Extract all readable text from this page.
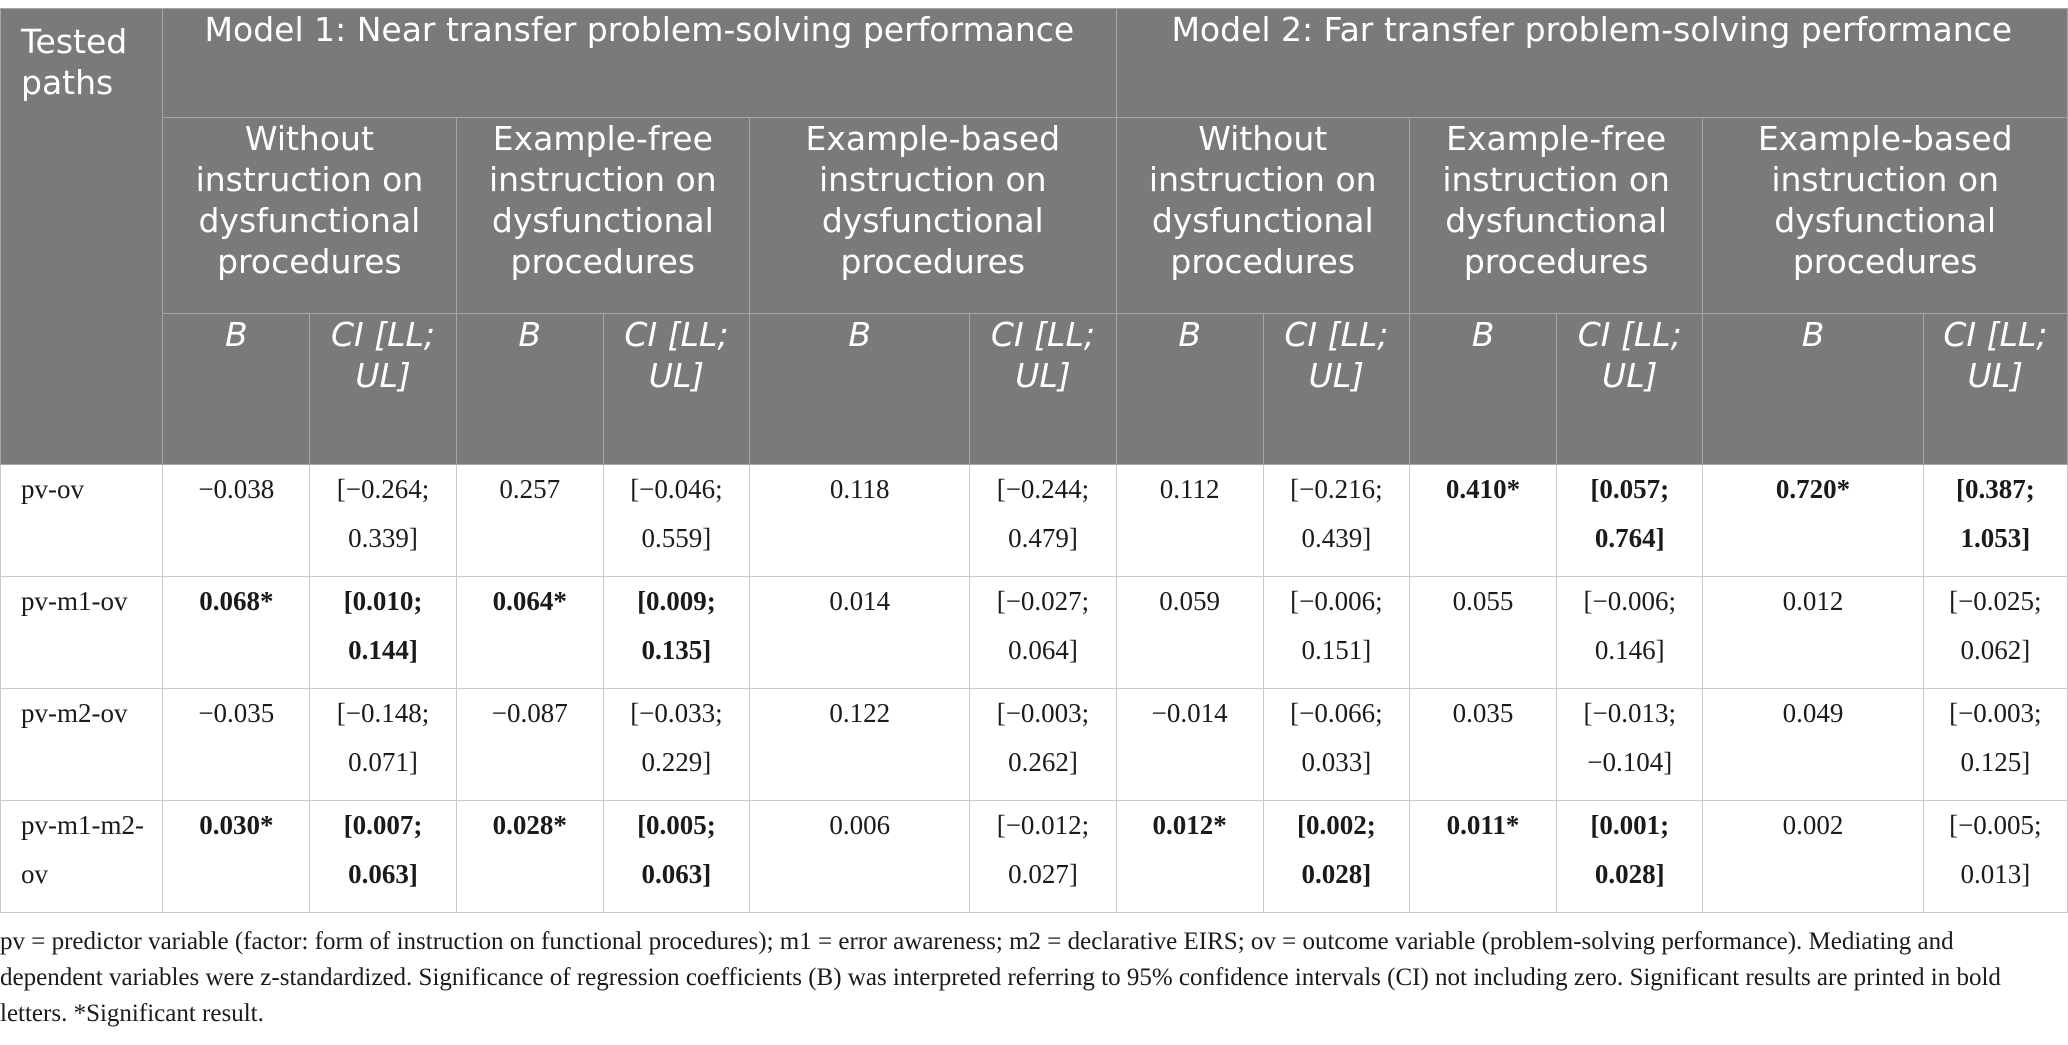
Tested paths	Model 1: Near transfer problem-solving performance						Model 2: Far transfer problem-solving performance					
	Without instruction on dysfunctional procedures		Example-free instruction on dysfunctional procedures		Example-based instruction on dysfunctional procedures		Without instruction on dysfunctional procedures		Example-free instruction on dysfunctional procedures		Example-based instruction on dysfunctional procedures	
	B	CI [LL; UL]	B	CI [LL; UL]	B	CI [LL; UL]	B	CI [LL; UL]	B	CI [LL; UL]	B	CI [LL; UL]
pv-ov	−0.038	[−0.264; 0.339]	0.257	[−0.046; 0.559]	0.118	[−0.244; 0.479]	0.112	[−0.216; 0.439]	0.410*	[0.057; 0.764]	0.720*	[0.387; 1.053]
pv-m1-ov	0.068*	[0.010; 0.144]	0.064*	[0.009; 0.135]	0.014	[−0.027; 0.064]	0.059	[−0.006; 0.151]	0.055	[−0.006; 0.146]	0.012	[−0.025; 0.062]
pv-m2-ov	−0.035	[−0.148; 0.071]	−0.087	[−0.033; 0.229]	0.122	[−0.003; 0.262]	−0.014	[−0.066; 0.033]	0.035	[−0.013; −0.104]	0.049	[−0.003; 0.125]
pv-m1-m2-ov	0.030*	[0.007; 0.063]	0.028*	[0.005; 0.063]	0.006	[−0.012; 0.027]	0.012*	[0.002; 0.028]	0.011*	[0.001; 0.028]	0.002	[−0.005; 0.013]

pv = predictor variable (factor: form of instruction on functional procedures); m1 = error awareness; m2 = declarative EIRS; ov = outcome variable (problem-solving performance). Mediating and dependent variables were z-standardized. Significance of regression coefficients (B) was interpreted referring to 95% confidence intervals (CI) not including zero. Significant results are printed in bold letters. *Significant result.
